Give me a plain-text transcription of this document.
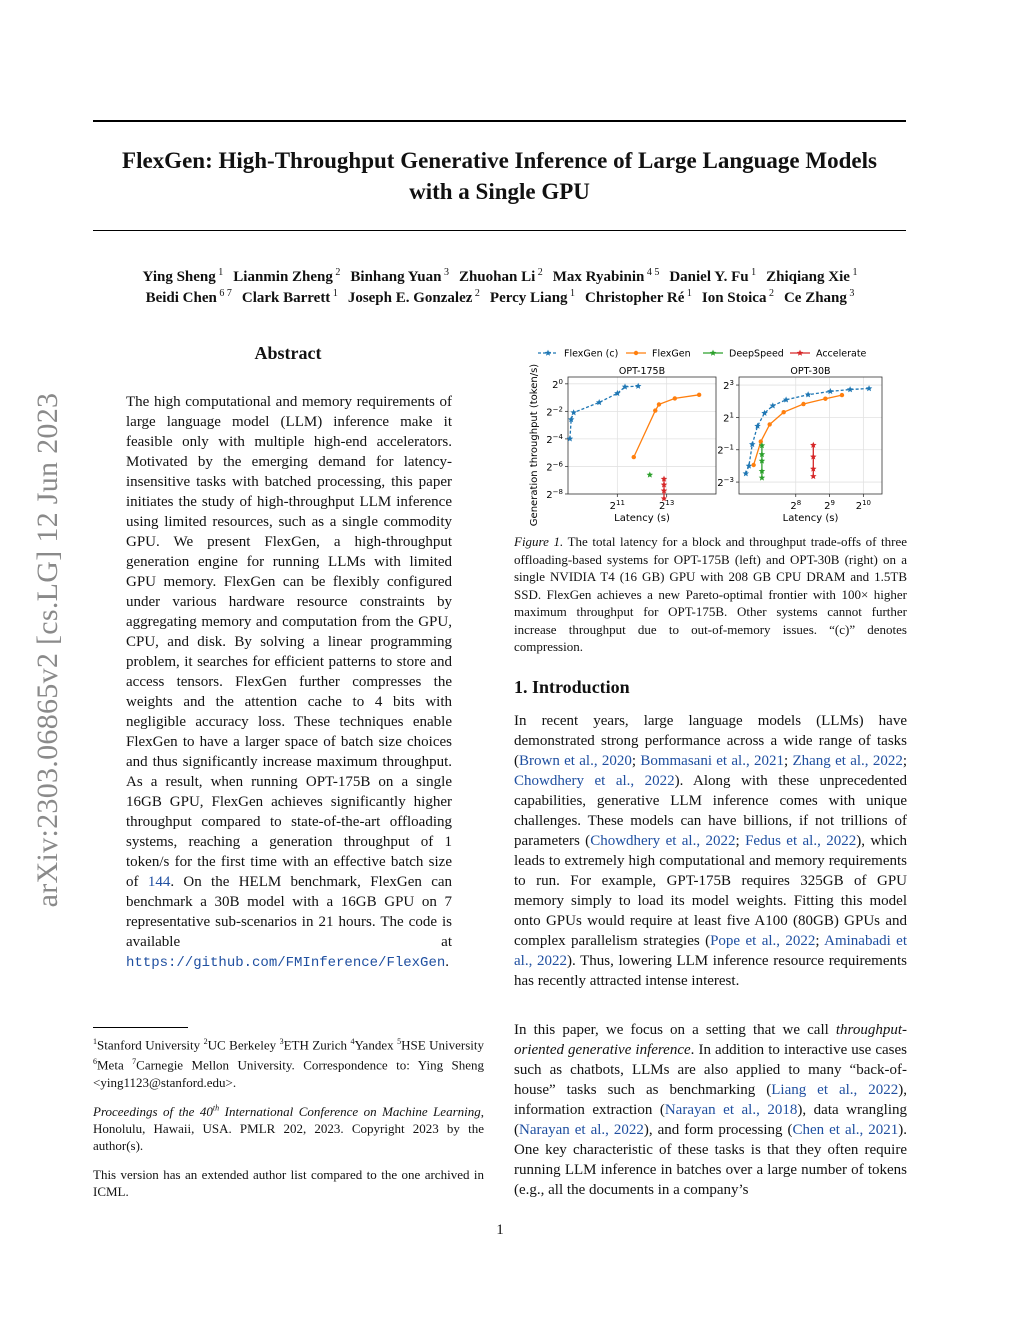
FlexGen: High-Throughput Generative Inference of Large Language Models
with a Single GPU
Ying Sheng $^1$ Lianmin Zheng $^2$ Binhang Yuan $^3$ Zhuohan Li $^2$ Max Ryabinin $^{4 5}$ Daniel Y. Fu $^1$ Zhiqiang Xie $^1$
Beidi Chen $^{6 7}$ Clark Barrett $^1$ Joseph E. Gonzalez $^2$ Percy Liang $^1$ Christopher Ré $^1$ Ion Stoica $^2$ Ce Zhang $^3$
arXiv:2303.06865v2 [cs.LG] 12 Jun 2023
Abstract
The high computational and memory requirements of large language model (LLM) inference make it feasible only with multiple high-end accelerators. Motivated by the emerging demand for latency-insensitive tasks with batched processing, this paper initiates the study of high-throughput LLM inference using limited resources, such as a single commodity GPU. We present FlexGen, a high-throughput generation engine for running LLMs with limited GPU memory. FlexGen can be flexibly configured under various hardware resource constraints by aggregating memory and computation from the GPU, CPU, and disk. By solving a linear programming problem, it searches for efficient patterns to store and access tensors. FlexGen further compresses the weights and the attention cache to 4 bits with negligible accuracy loss. These techniques enable FlexGen to have a larger space of batch size choices and thus significantly increase maximum throughput. As a result, when running OPT-175B on a single 16GB GPU, FlexGen achieves significantly higher throughput compared to state-of-the-art offloading systems, reaching a generation throughput of 1 token/s for the first time with an effective batch size of 144. On the HELM benchmark, FlexGen can benchmark a 30B model with a 16GB GPU on 7 representative sub-scenarios in 21 hours. The code is available at https://github.com/FMInference/FlexGen.
$^1$Stanford University $^2$UC Berkeley $^3$ETH Zurich $^4$Yandex $^5$HSE University $^6$Meta $^7$Carnegie Mellon University. Correspondence to: Ying Sheng <ying1123@stanford.edu>.
Proceedings of the 40th International Conference on Machine Learning, Honolulu, Hawaii, USA. PMLR 202, 2023. Copyright 2023 by the author(s).
This version has an extended author list compared to the one archived in ICML.
FlexGen (c)	FlexGen	DeepSpeed	Accelerate
OPT-175B
$2^{11}$	$2^{13}$
$2^0$
$2^{-2}$
$2^{-4}$
$2^{-6}$
$2^{-8}$
Latency (s)
OPT-30B
$2^8$ $2^9$ $2^{10}$
$2^3$
$2^1$
$2^{-1}$
$2^{-3}$
Latency (s)
Generation throughput (token/s)
Figure 1. The total latency for a block and throughput trade-offs of three offloading-based systems for OPT-175B (left) and OPT-30B (right) on a single NVIDIA T4 (16 GB) GPU with 208 GB CPU DRAM and 1.5TB SSD. FlexGen achieves a new Pareto-optimal frontier with 100× higher maximum throughput for OPT-175B. Other systems cannot further increase throughput due to out-of-memory issues. “(c)” denotes compression.
1. Introduction
In recent years, large language models (LLMs) have demonstrated strong performance across a wide range of tasks (Brown et al., 2020; Bommasani et al., 2021; Zhang et al., 2022; Chowdhery et al., 2022). Along with these unprecedented capabilities, generative LLM inference comes with unique challenges. These models can have billions, if not trillions of parameters (Chowdhery et al., 2022; Fedus et al., 2022), which leads to extremely high computational and memory requirements to run. For example, GPT-175B requires 325GB of GPU memory simply to load its model weights. Fitting this model onto GPUs would require at least five A100 (80GB) GPUs and complex parallelism strategies (Pope et al., 2022; Aminabadi et al., 2022). Thus, lowering LLM inference resource requirements has recently attracted intense interest.
In this paper, we focus on a setting that we call throughput-oriented generative inference. In addition to interactive use cases such as chatbots, LLMs are also applied to many “back-of-house” tasks such as benchmarking (Liang et al., 2022), information extraction (Narayan et al., 2018), data wrangling (Narayan et al., 2022), and form processing (Chen et al., 2021). One key characteristic of these tasks is that they often require running LLM inference in batches over a large number of tokens (e.g., all the documents in a company’s
1
